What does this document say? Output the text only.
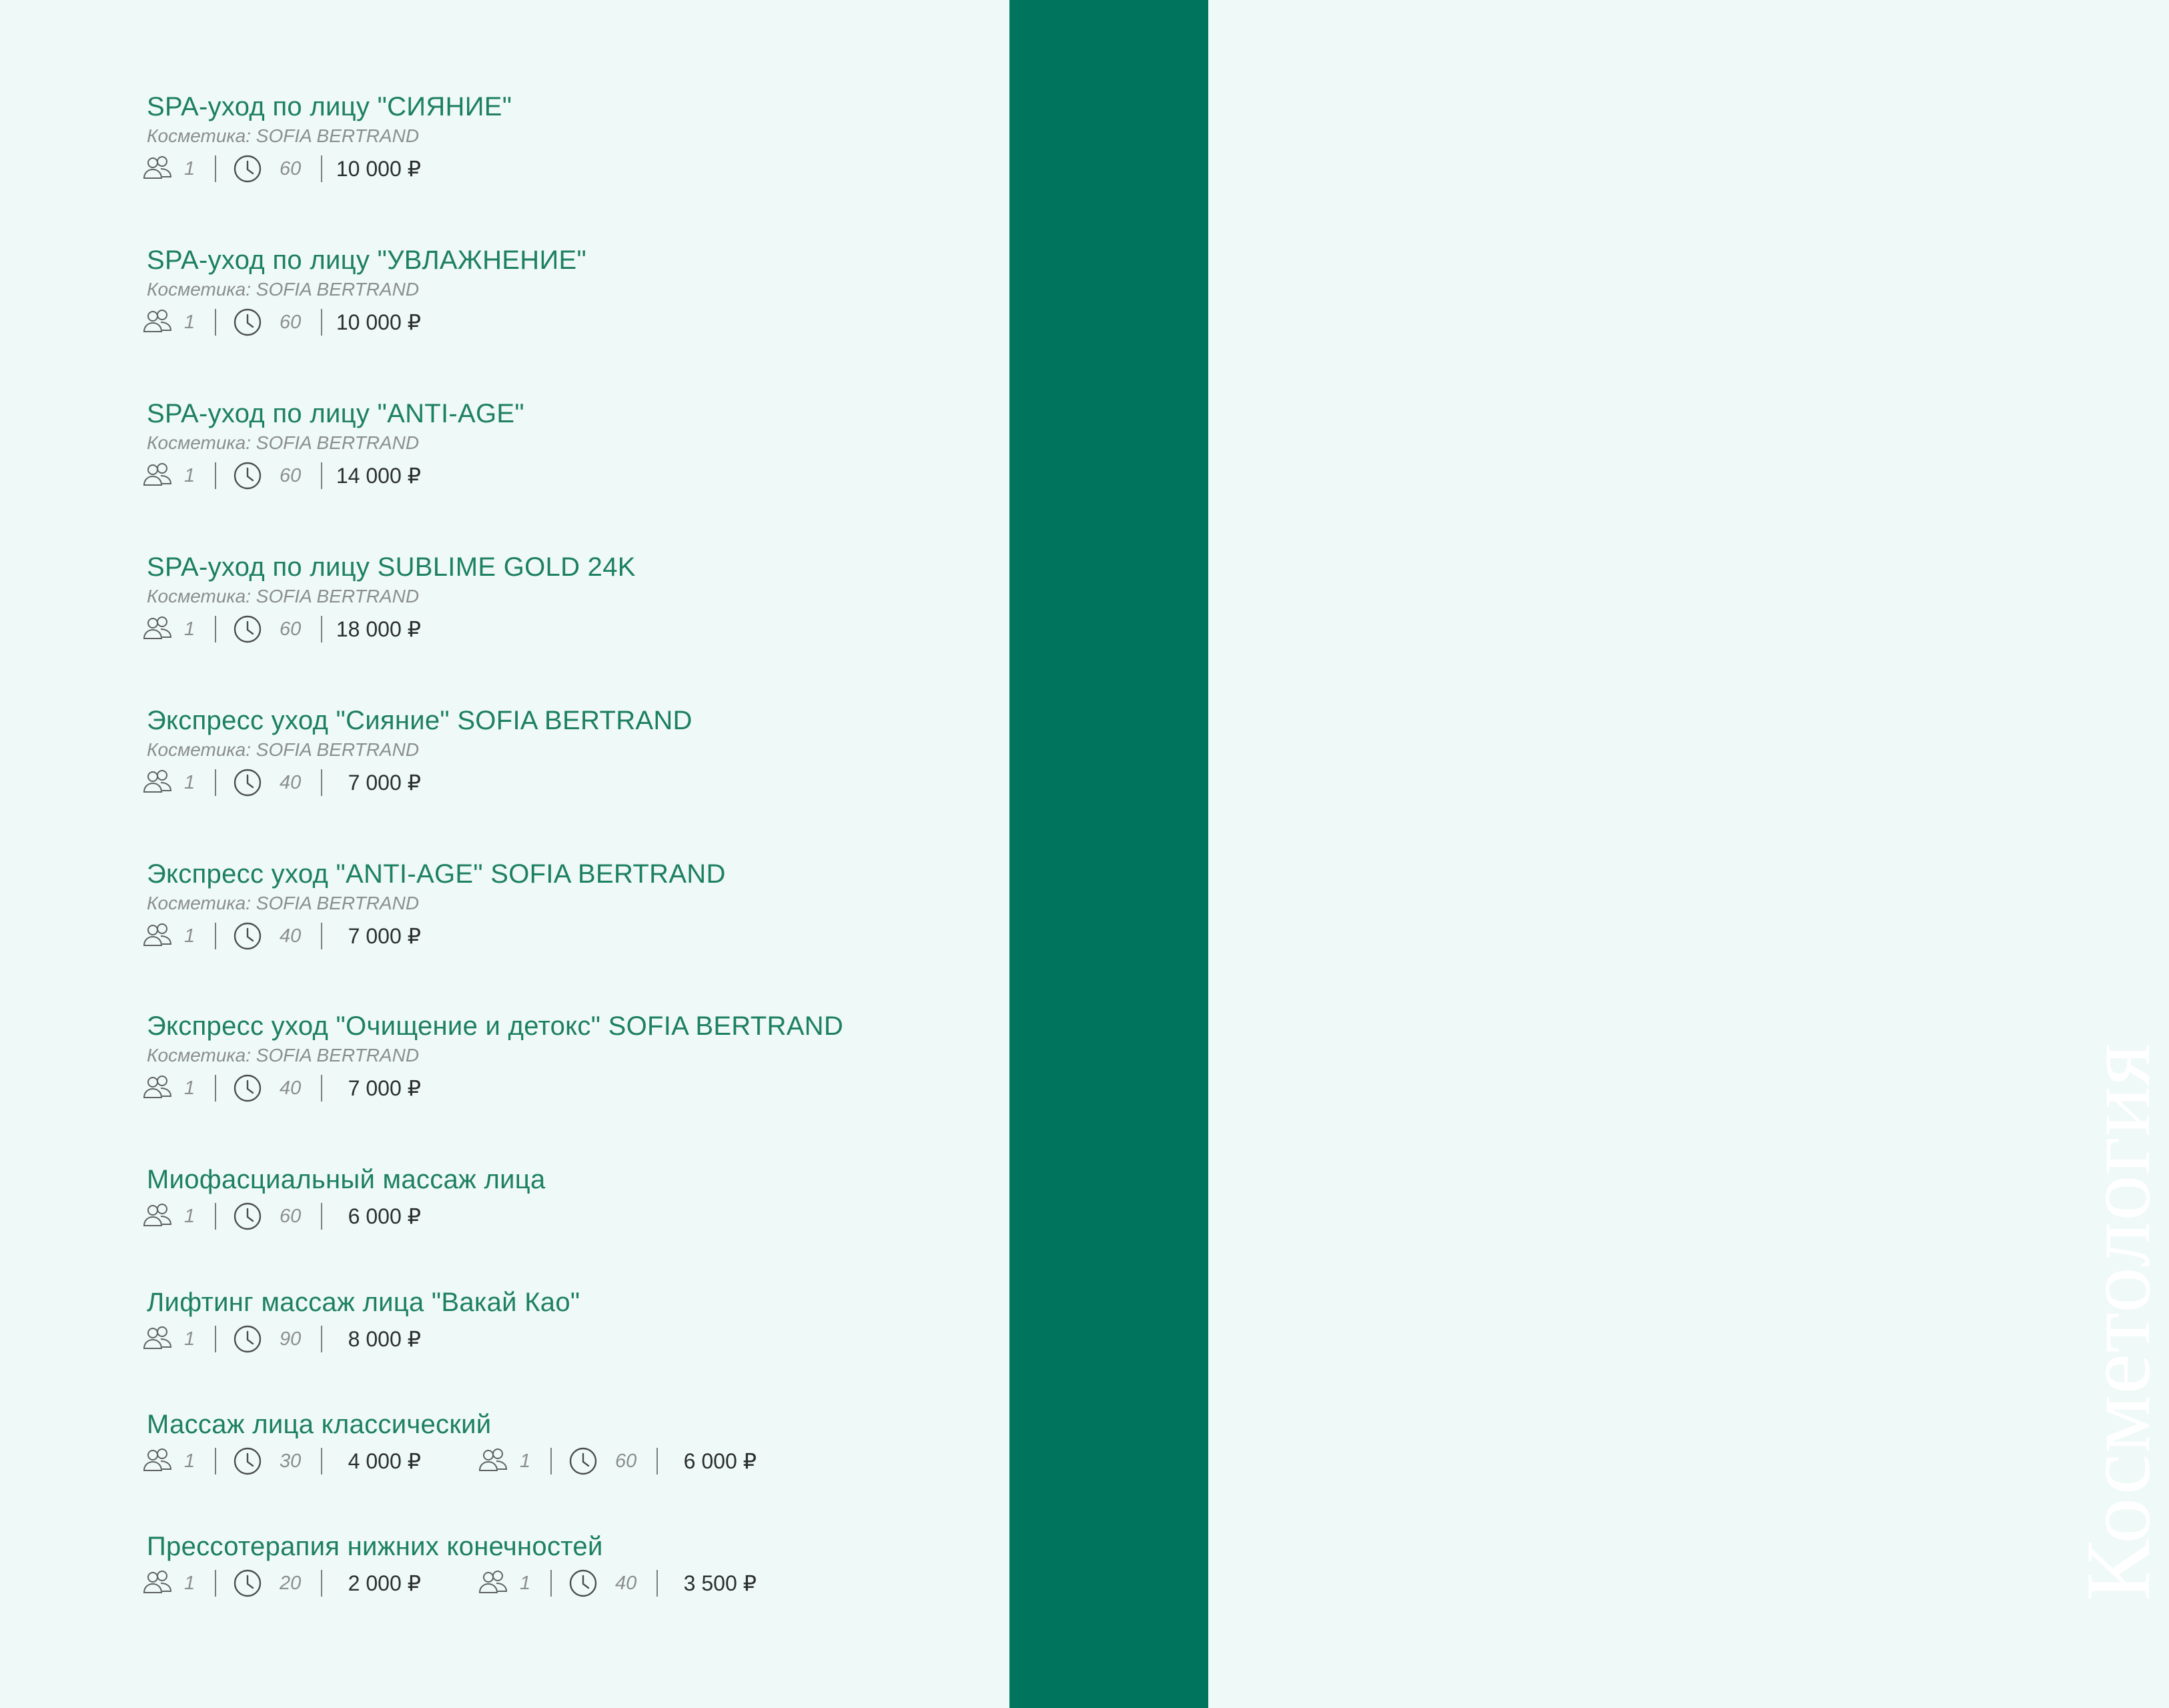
SPA-уход по лицу "СИЯНИЕ"
Косметика: SOFIA BERTRAND
1	60 10 000 ₽
SPA-уход по лицу "УВЛАЖНЕНИЕ"
Косметика: SOFIA BERTRAND
1	60 10 000 ₽
SPA-уход по лицу "ANTI-AGE"
Косметика: SOFIA BERTRAND
1	60 14 000 ₽
SPA-уход по лицу SUBLIME GOLD 24K
Косметика: SOFIA BERTRAND
1	60 18 000 ₽
Экспресс уход "Сияние" SOFIA BERTRAND
Косметика: SOFIA BERTRAND
1	40	7 000 ₽
Экспресс уход "ANTI-AGE" SOFIA BERTRAND
Косметика: SOFIA BERTRAND
1	40	7 000 ₽
Экспресс уход "Очищение и детокс" SOFIA BERTRAND
Косметика: SOFIA BERTRAND
1	40	7 000 ₽
Миофасциальный массаж лица
1	60	6 000 ₽
Лифтинг массаж лица "Вакай Као"
1	90	8 000 ₽
Массаж лица классический
1	30	4 000 ₽	1	60	6 000 ₽
Прессотерапия нижних конечностей
1	20	2 000 ₽	1	40	3 500 ₽	Косметология
